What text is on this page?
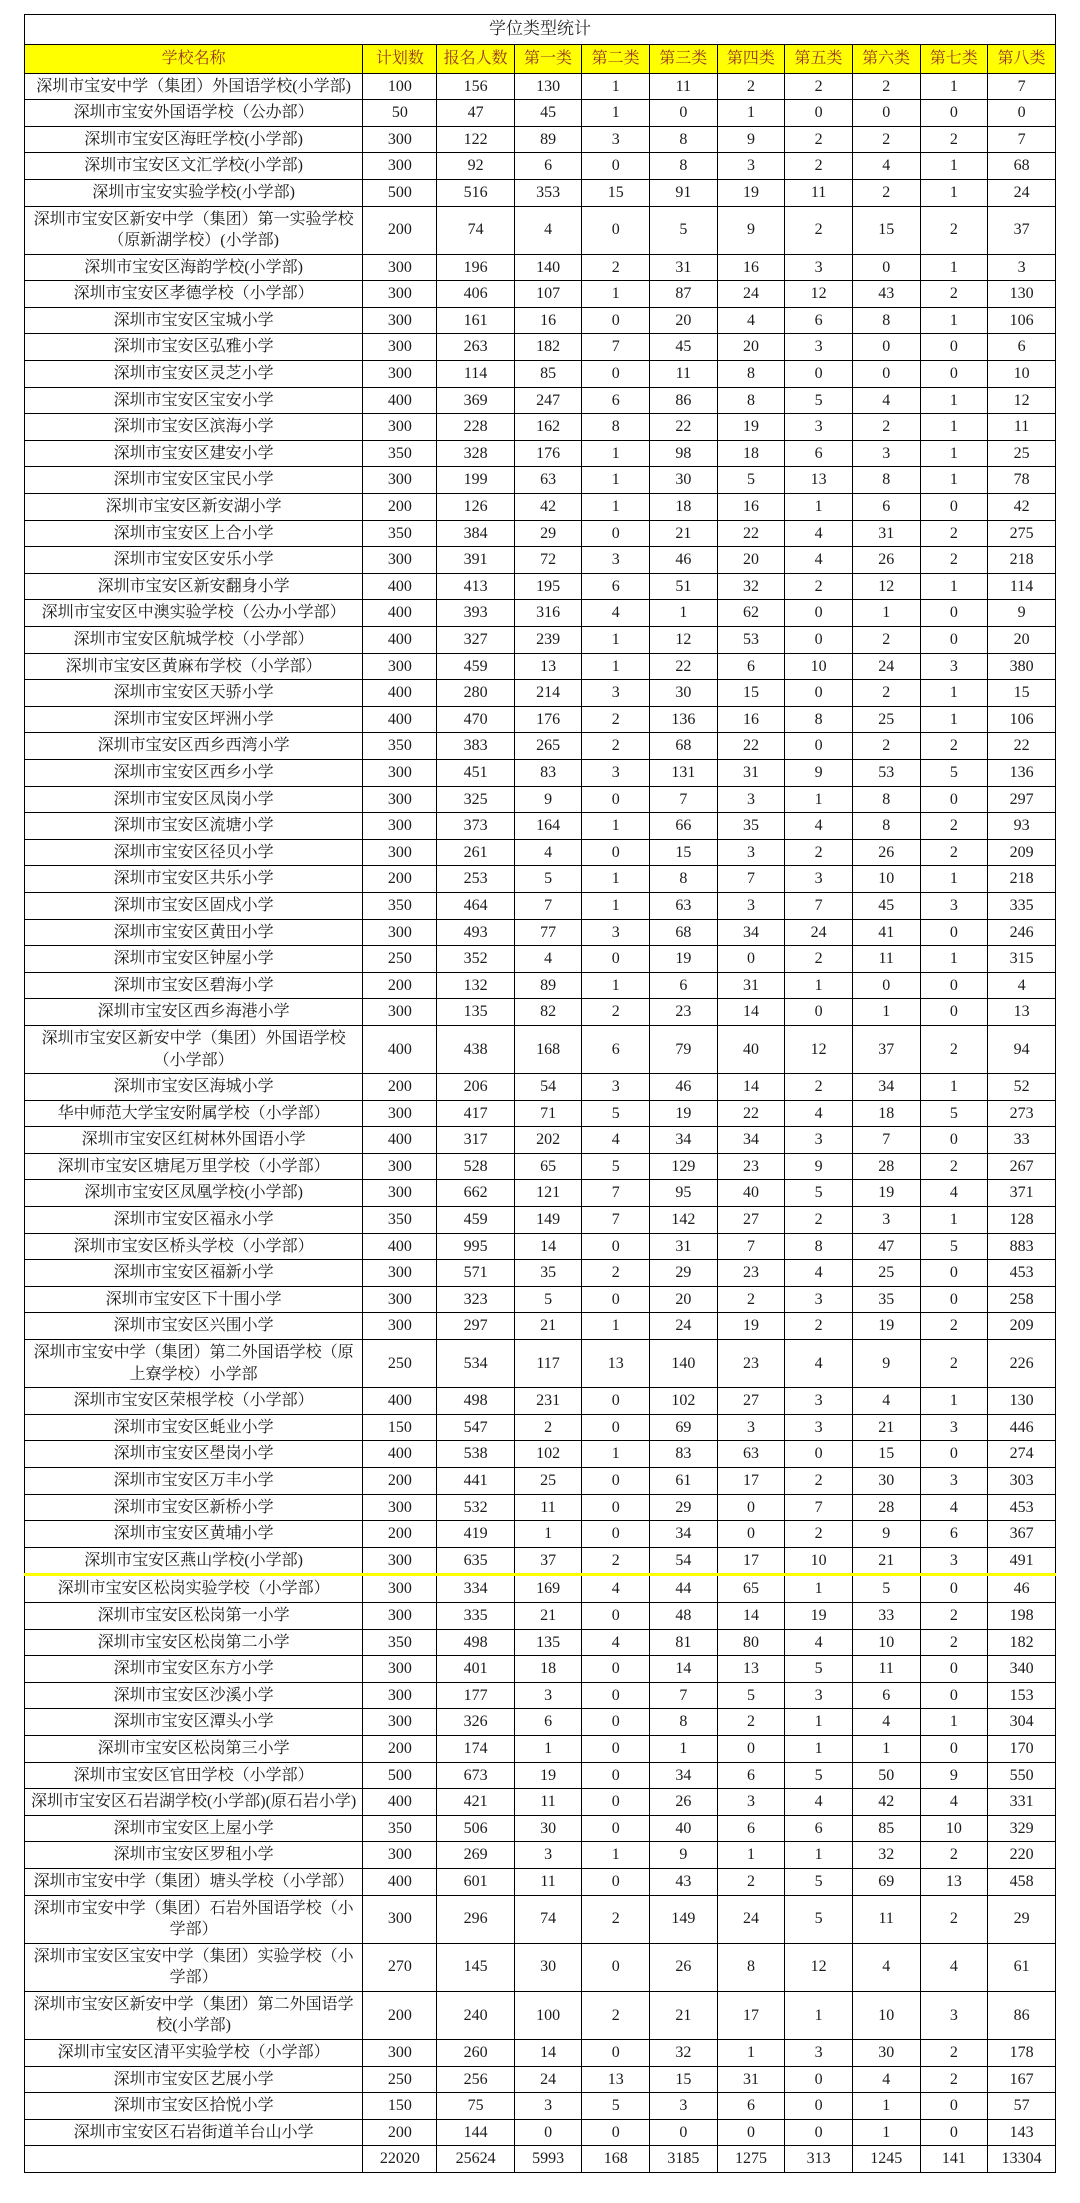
学位类型统计										
学校名称	计划数	报名人数	第一类	第二类	第三类	第四类	第五类	第六类	第七类	第八类
深圳市宝安中学（集团）外国语学校(小学部)	100	156	130	1	11	2	2	2	1	7
深圳市宝安外国语学校（公办部）	50	47	45	1	0	1	0	0	0	0
深圳市宝安区海旺学校(小学部)	300	122	89	3	8	9	2	2	2	7
深圳市宝安区文汇学校(小学部)	300	92	6	0	8	3	2	4	1	68
深圳市宝安实验学校(小学部)	500	516	353	15	91	19	11	2	1	24
深圳市宝安区新安中学（集团）第一实验学校（原新湖学校）(小学部)	200	74	4	0	5	9	2	15	2	37
深圳市宝安区海韵学校(小学部)	300	196	140	2	31	16	3	0	1	3
深圳市宝安区孝德学校（小学部）	300	406	107	1	87	24	12	43	2	130
深圳市宝安区宝城小学	300	161	16	0	20	4	6	8	1	106
深圳市宝安区弘雅小学	300	263	182	7	45	20	3	0	0	6
深圳市宝安区灵芝小学	300	114	85	0	11	8	0	0	0	10
深圳市宝安区宝安小学	400	369	247	6	86	8	5	4	1	12
深圳市宝安区滨海小学	300	228	162	8	22	19	3	2	1	11
深圳市宝安区建安小学	350	328	176	1	98	18	6	3	1	25
深圳市宝安区宝民小学	300	199	63	1	30	5	13	8	1	78
深圳市宝安区新安湖小学	200	126	42	1	18	16	1	6	0	42
深圳市宝安区上合小学	350	384	29	0	21	22	4	31	2	275
深圳市宝安区安乐小学	300	391	72	3	46	20	4	26	2	218
深圳市宝安区新安翻身小学	400	413	195	6	51	32	2	12	1	114
深圳市宝安区中澳实验学校（公办小学部）	400	393	316	4	1	62	0	1	0	9
深圳市宝安区航城学校（小学部）	400	327	239	1	12	53	0	2	0	20
深圳市宝安区黄麻布学校（小学部）	300	459	13	1	22	6	10	24	3	380
深圳市宝安区天骄小学	400	280	214	3	30	15	0	2	1	15
深圳市宝安区坪洲小学	400	470	176	2	136	16	8	25	1	106
深圳市宝安区西乡西湾小学	350	383	265	2	68	22	0	2	2	22
深圳市宝安区西乡小学	300	451	83	3	131	31	9	53	5	136
深圳市宝安区凤岗小学	300	325	9	0	7	3	1	8	0	297
深圳市宝安区流塘小学	300	373	164	1	66	35	4	8	2	93
深圳市宝安区径贝小学	300	261	4	0	15	3	2	26	2	209
深圳市宝安区共乐小学	200	253	5	1	8	7	3	10	1	218
深圳市宝安区固戍小学	350	464	7	1	63	3	7	45	3	335
深圳市宝安区黄田小学	300	493	77	3	68	34	24	41	0	246
深圳市宝安区钟屋小学	250	352	4	0	19	0	2	11	1	315
深圳市宝安区碧海小学	200	132	89	1	6	31	1	0	0	4
深圳市宝安区西乡海港小学	300	135	82	2	23	14	0	1	0	13
深圳市宝安区新安中学（集团）外国语学校（小学部）	400	438	168	6	79	40	12	37	2	94
深圳市宝安区海城小学	200	206	54	3	46	14	2	34	1	52
华中师范大学宝安附属学校（小学部）	300	417	71	5	19	22	4	18	5	273
深圳市宝安区红树林外国语小学	400	317	202	4	34	34	3	7	0	33
深圳市宝安区塘尾万里学校（小学部）	300	528	65	5	129	23	9	28	2	267
深圳市宝安区凤凰学校(小学部)	300	662	121	7	95	40	5	19	4	371
深圳市宝安区福永小学	350	459	149	7	142	27	2	3	1	128
深圳市宝安区桥头学校（小学部）	400	995	14	0	31	7	8	47	5	883
深圳市宝安区福新小学	300	571	35	2	29	23	4	25	0	453
深圳市宝安区下十围小学	300	323	5	0	20	2	3	35	0	258
深圳市宝安区兴围小学	300	297	21	1	24	19	2	19	2	209
深圳市宝安中学（集团）第二外国语学校（原上寮学校）小学部	250	534	117	13	140	23	4	9	2	226
深圳市宝安区荣根学校（小学部）	400	498	231	0	102	27	3	4	1	130
深圳市宝安区蚝业小学	150	547	2	0	69	3	3	21	3	446
深圳市宝安区壆岗小学	400	538	102	1	83	63	0	15	0	274
深圳市宝安区万丰小学	200	441	25	0	61	17	2	30	3	303
深圳市宝安区新桥小学	300	532	11	0	29	0	7	28	4	453
深圳市宝安区黄埔小学	200	419	1	0	34	0	2	9	6	367
深圳市宝安区燕山学校(小学部)	300	635	37	2	54	17	10	21	3	491
深圳市宝安区松岗实验学校（小学部）	300	334	169	4	44	65	1	5	0	46
深圳市宝安区松岗第一小学	300	335	21	0	48	14	19	33	2	198
深圳市宝安区松岗第二小学	350	498	135	4	81	80	4	10	2	182
深圳市宝安区东方小学	300	401	18	0	14	13	5	11	0	340
深圳市宝安区沙溪小学	300	177	3	0	7	5	3	6	0	153
深圳市宝安区潭头小学	300	326	6	0	8	2	1	4	1	304
深圳市宝安区松岗第三小学	200	174	1	0	1	0	1	1	0	170
深圳市宝安区官田学校（小学部）	500	673	19	0	34	6	5	50	9	550
深圳市宝安区石岩湖学校(小学部)(原石岩小学)	400	421	11	0	26	3	4	42	4	331
深圳市宝安区上屋小学	350	506	30	0	40	6	6	85	10	329
深圳市宝安区罗租小学	300	269	3	1	9	1	1	32	2	220
深圳市宝安中学（集团）塘头学校（小学部）	400	601	11	0	43	2	5	69	13	458
深圳市宝安中学（集团）石岩外国语学校（小学部）	300	296	74	2	149	24	5	11	2	29
深圳市宝安区宝安中学（集团）实验学校（小学部）	270	145	30	0	26	8	12	4	4	61
深圳市宝安区新安中学（集团）第二外国语学校(小学部)	200	240	100	2	21	17	1	10	3	86
深圳市宝安区清平实验学校（小学部）	300	260	14	0	32	1	3	30	2	178
深圳市宝安区艺展小学	250	256	24	13	15	31	0	4	2	167
深圳市宝安区拾悦小学	150	75	3	5	3	6	0	1	0	57
深圳市宝安区石岩街道羊台山小学	200	144	0	0	0	0	0	1	0	143
	22020	25624	5993	168	3185	1275	313	1245	141	13304
